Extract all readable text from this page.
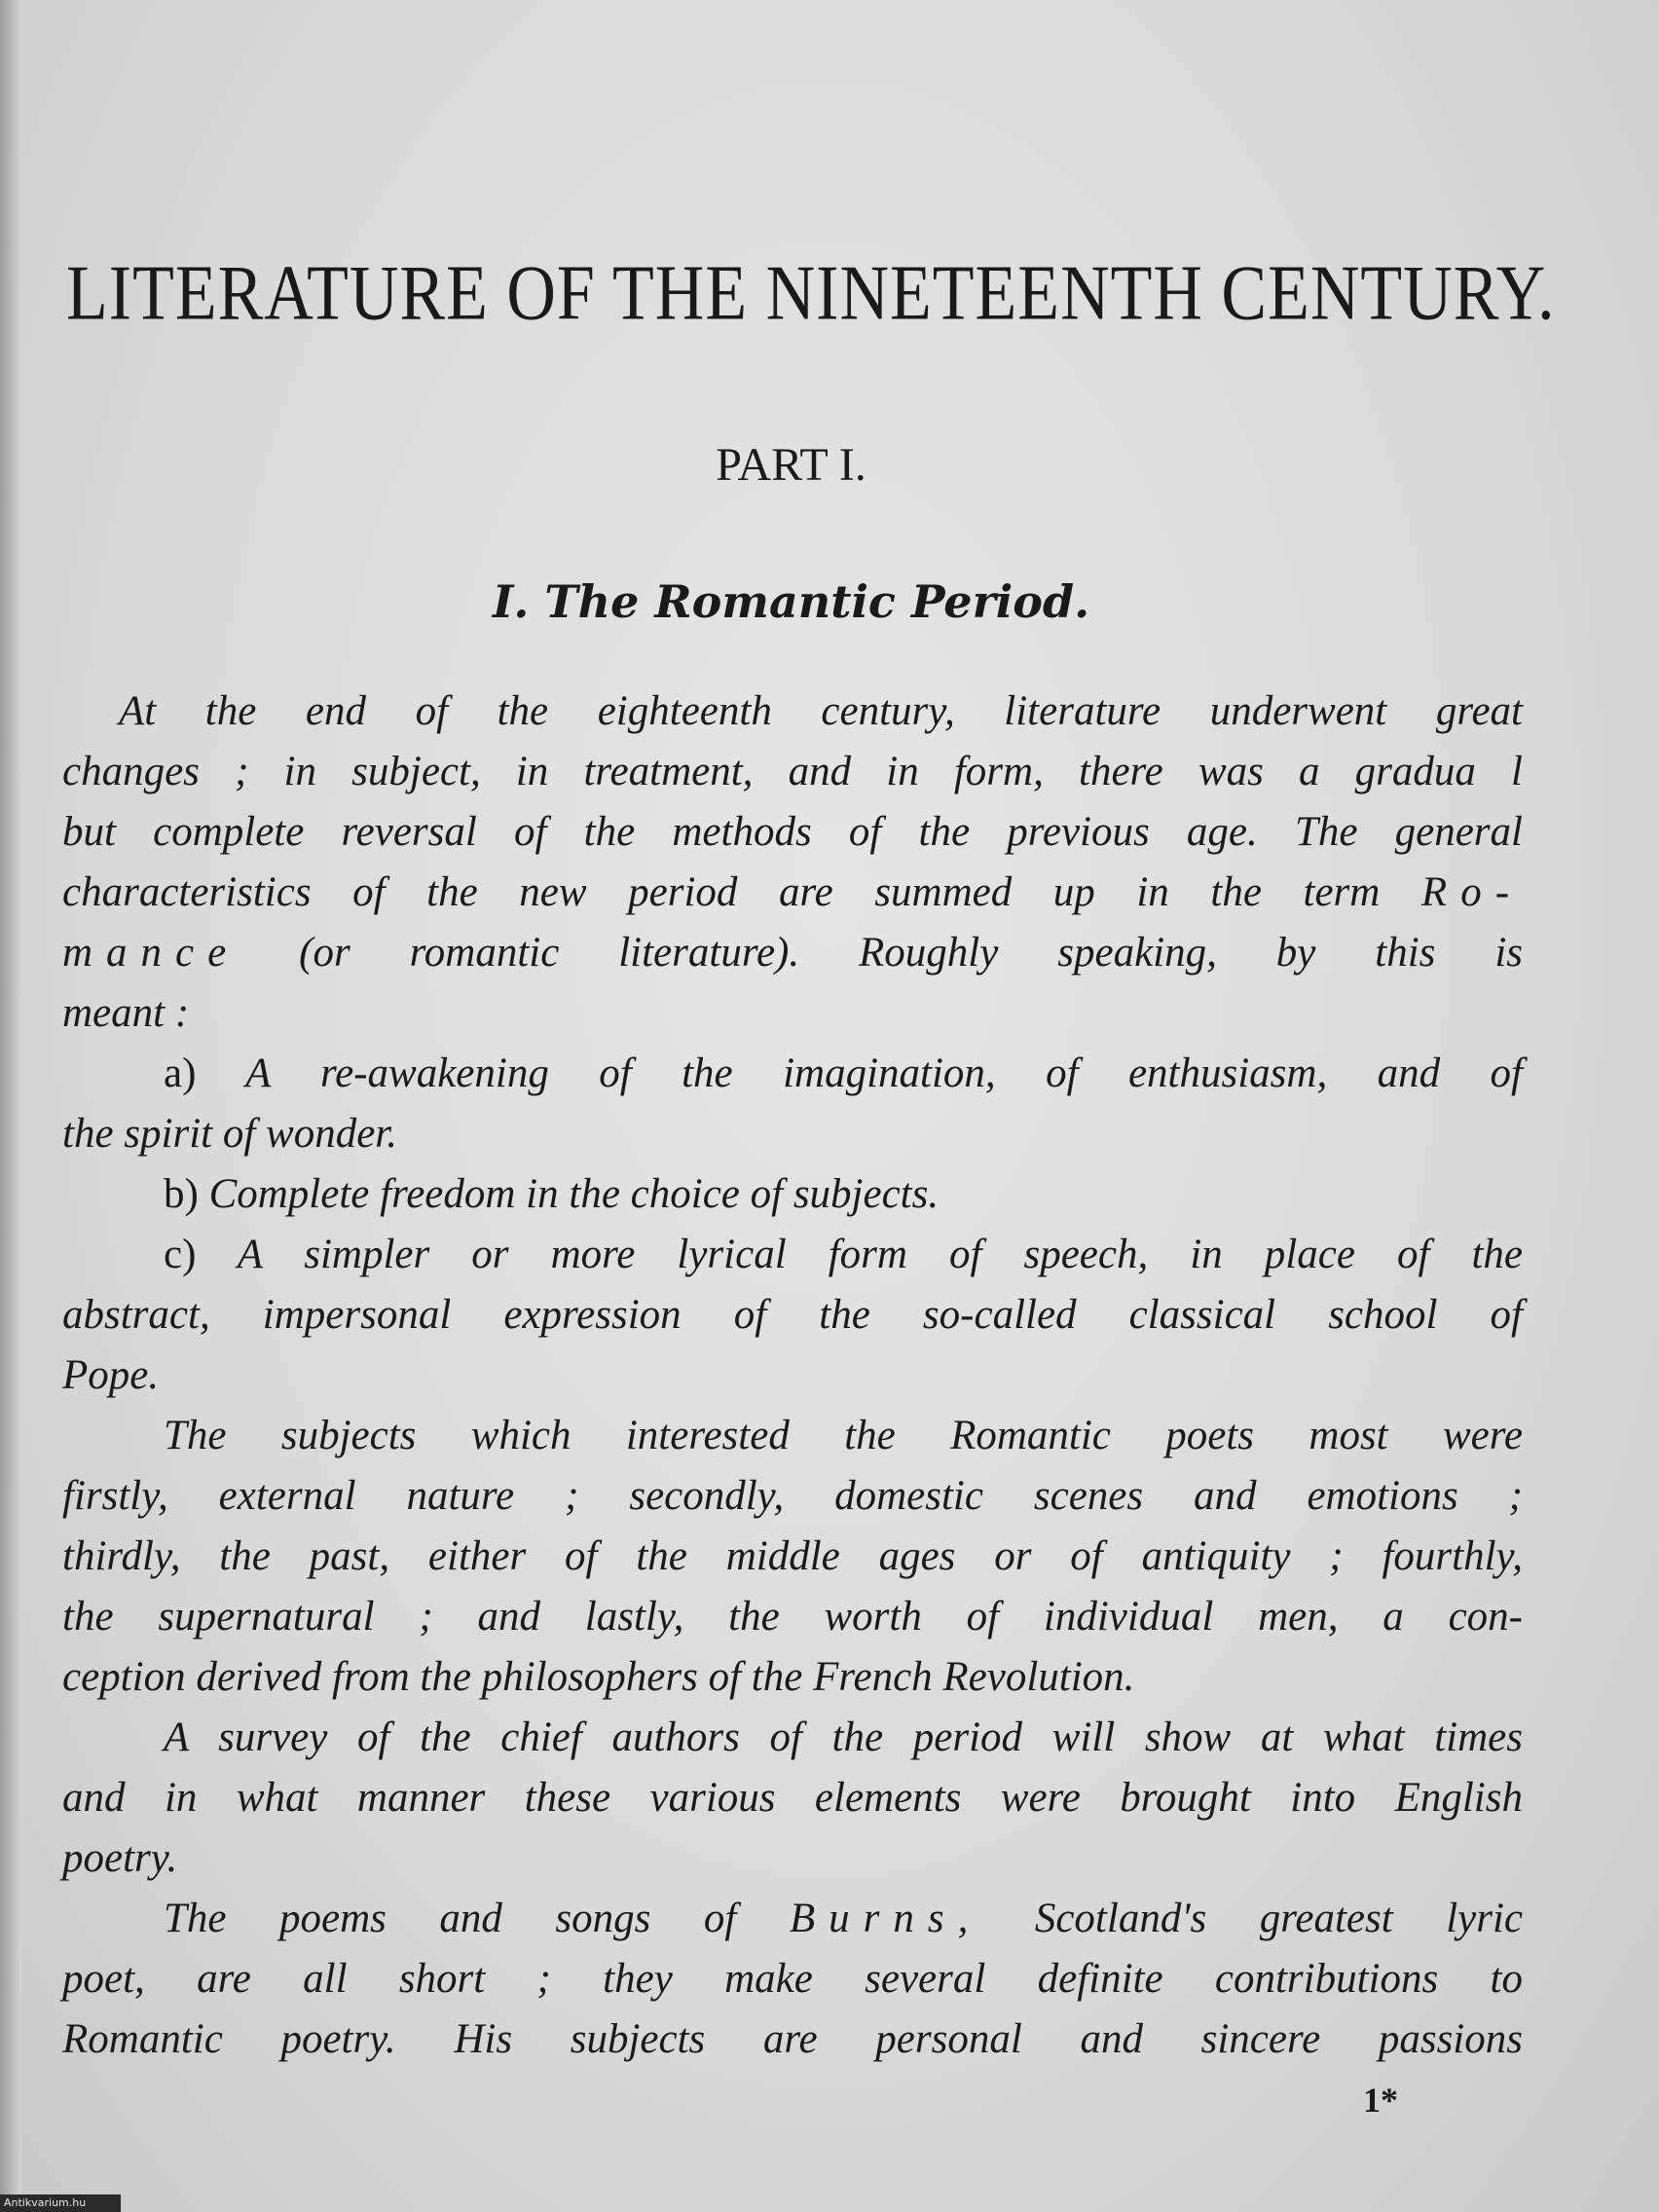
LITERATURE OF THE NINETEENTH CENTURY.
PART I.
I. The Romantic Period.
At the end of the eighteenth century, literature underwent great
changes ; in subject, in treatment, and in form, there was a gradua l
but complete reversal of the methods of the previous age. The general
characteristics of the new period are summed up in the term Ro-
mance (or romantic literature). Roughly speaking, by this is
meant :
a) A re-awakening of the imagination, of enthusiasm, and of
the spirit of wonder.
b) Complete freedom in the choice of subjects.
c) A simpler or more lyrical form of speech, in place of the
abstract, impersonal expression of the so-called classical school of
Pope.
The subjects which interested the Romantic poets most were
firstly, external nature ; secondly, domestic scenes and emotions ;
thirdly, the past, either of the middle ages or of antiquity ; fourthly,
the supernatural ; and lastly, the worth of individual men, a con-
ception derived from the philosophers of the French Revolution.
A survey of the chief authors of the period will show at what times
and in what manner these various elements were brought into English
poetry.
The poems and songs of Burns, Scotland's greatest lyric
poet, are all short ; they make several definite contributions to
Romantic poetry. His subjects are personal and sincere passions
1*
Antikvarium.hu
